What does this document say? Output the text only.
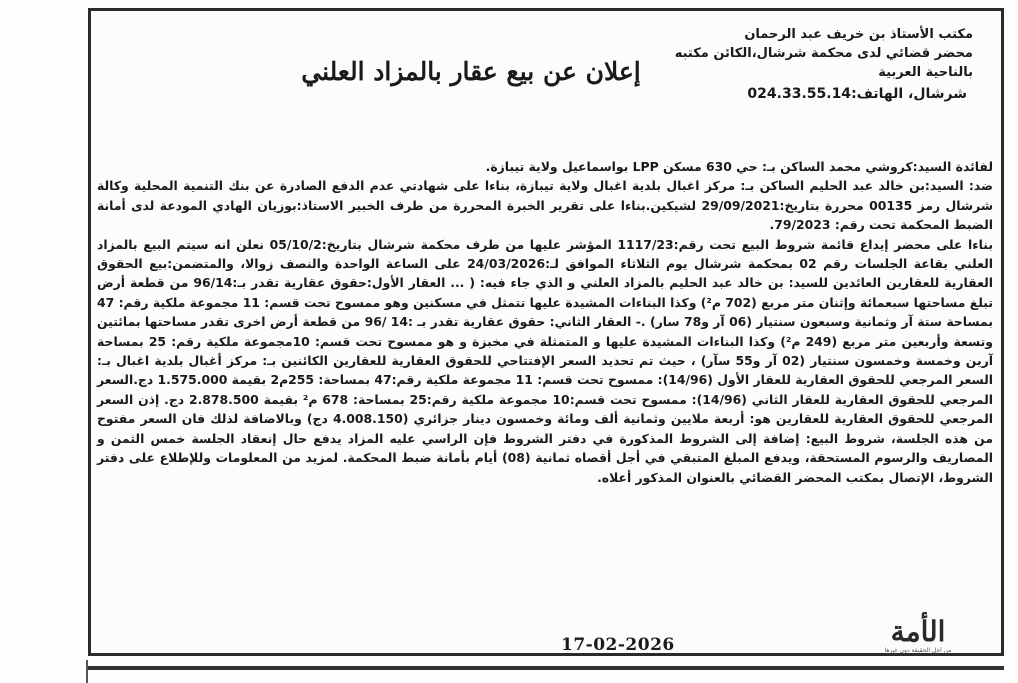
مكتب الأستاذ بن خريف عبد الرحمان
محضر قضائي لدى محكمة شرشال،الكائن مكتبه
بالناحية العربية
شرشال، الهاتف:024.33.55.14
إعلان عن بيع عقار بالمزاد العلني

لفائدة السيد:كروشي محمد الساكن بـ: حي 630 مسكن LPP بواسماعيل ولاية تيبازة.

ضد: السيد:بن خالد عبد الحليم الساكن بـ: مركز اغبال بلدية اغبال ولاية تيبازة، بناءا على شهادتي عدم الدفع الصادرة عن بنك التنمية المحلية وكالة شرشال رمز 00135 محررة بتاريخ:29/09/2021 لشيكين.بناءا على تقرير الخبرة المحررة من طرف الخبير الاستاذ:بوزيان الهادي المودعة لدى أمانة الضبط المحكمة تحت رقم: 79/2023.

بناءا على محضر إيداع قائمة شروط البيع تحت رقم:1117/23 المؤشر عليها من طرف محكمة شرشال بتاريخ:05/10/2 نعلن انه سيتم البيع بالمزاد العلني بقاعة الجلسات رقم 02 بمحكمة شرشال يوم الثلاثاء الموافق لـ:24/03/2026 على الساعة الواحدة والنصف زوالا، والمتضمن:بيع الحقوق العقارية للعقارين العائدين للسيد: بن خالد عبد الحليم بالمزاد العلني و الذي جاء فيه: ( ... العقار الأول:حقوق عقارية تقدر بـ:96/14 من قطعة أرض تبلغ مساحتها سبعمائة وإثنان متر مربع (702 م²) وكذا البناءات المشيدة عليها تتمثل في مسكنين وهو ممسوح تحت قسم: 11 مجموعة ملكية رقم: 47 بمساحة ستة آر وثمانية وسبعون سنتيار (06 آر و78 سار) .- العقار الثاني: حقوق عقارية تقدر بـ :14 /96 من قطعة أرض اخرى تقدر مساحتها بمائتين وتسعة وأربعين متر مربع (249 م²) وكذا البناءات المشيدة عليها و المتمثلة في مخبزة و هو ممسوح تحت قسم: 10مجموعة ملكية رقم: 25 بمساحة آرين وخمسة وخمسون سنتيار (02 آر و55 سآر) ، حيث تم تحديد السعر الإفتتاحي للحقوق العقارية للعقارين الكائنين بـ: مركز أغبال بلدية اغبال بـ: السعر المرجعي للحقوق العقارية للعقار الأول (14/96): ممسوح تحت قسم: 11 مجموعة ملكية رقم:47 بمساحة: 255م2 بقيمة 1.575.000 دج.السعر المرجعي للحقوق العقارية للعقار الثاني (14/96): ممسوح تحت قسم:10 مجموعة ملكية رقم:25 بمساحة: 678 م² بقيمة 2.878.500 دج. إذن السعر المرجعي للحقوق العقارية للعقارين هو: أربعة ملايين وثمانية ألف ومائة وخمسون دينار جزائري (4.008.150 دج) وبالاضافة لذلك فان السعر مفتوح من هذه الجلسة، شروط البيع: إضافة إلى الشروط المذكورة في دفتر الشروط فإن الراسي عليه المزاد يدفع حال إنعقاد الجلسة خمس الثمن و المصاريف والرسوم المستحقة، ويدفع المبلغ المتبقي في أجل أقصاه ثمانية (08) أيام بأمانة ضبط المحكمة. لمزيد من المعلومات وللإطلاع على دفتر الشروط، الإتصال بمكتب المحضر القضائي بالعنوان المذكور أعلاه.

الأمة
من أجل الحقيقة دون غيرها
17-02-2026
